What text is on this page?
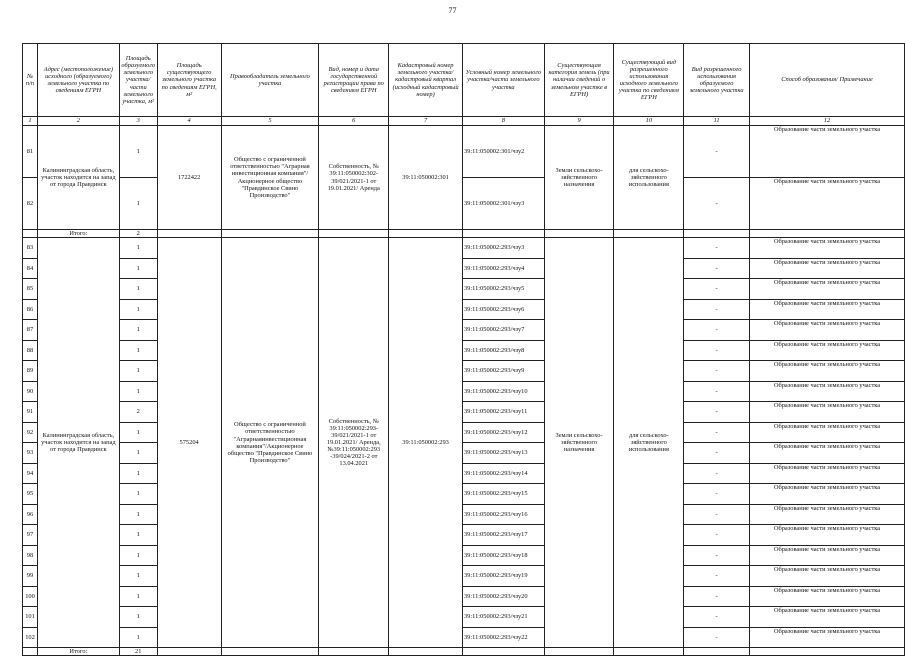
77
№ п/п	Адрес (местоположение) исходного (образуемого) земельного участка по сведениям ЕГРН	Площадь образуемого земельного участка/ части земельного участка, м²	Площадь существующего земельного участка по сведениям ЕГРН, м²	Правообладатель земельного участка	Вид, номер и дата государственной регистрации права по сведениям ЕГРН	Кадастровый номер земельного участка/ кадастровый квартал (исходный кадастровый номер)	Условный номер земельного участка/части земельного участка	Существующая категория земель (при наличии сведений о земельном участке в ЕГРН)	Существующий вид разрешенного использования исходного земельного участка по сведениям ЕГРН	Вид разрешенного использования образуемого земельного участка	Способ образования/ Примечание
1	2	3	4	5	6	7	8	9	10	11	12
81	Калининградская область, участок находится на запад от города Правдинск	1	1722422	Общество с ограниченной ответственностью "Аграрная инвестиционная компания"/ Акционерное общество "Правдинское Свино Производство"	Собственность, № 39:11:050002:302-39/021/2021-1 от 19.01.2021/ Аренда	39:11:050002:301	39:11:050002:301/чзу2	Земли сельскохо-зяйственного назначения	для сельскохо-зяйственного использования	-	Образование части земельного участка
82		1					39:11:050002:301/чзу3			-	Образование части земельного участка
	Итого:	2									
83	Калининградская область, участок находится на запад от города Правдинск	1	575204	Общество с ограниченной ответственностью "Аграрнаяинвестиционная компания"/Акционерное общество "Правдинское Свино Производство"	Собственность, № 39:11:050002:293-39/021/2021-1 от 19.01.2021/ Аренда, №39:11:050002:293 -39/024/2021-2 от 13.04.2021	39:11:050002:293	39:11:050002:293/чзу3	Земли сельскохо-зяйственного назначения	для сельскохо-зяйственного использования	-	Образование части земельного участка
84		1					39:11:050002:293/чзу4			-	Образование части земельного участка
85		1					39:11:050002:293/чзу5			-	Образование части земельного участка
86		1					39:11:050002:293/чзу6			-	Образование части земельного участка
87		1					39:11:050002:293/чзу7			-	Образование части земельного участка
88		1					39:11:050002:293/чзу8			-	Образование части земельного участка
89		1					39:11:050002:293/чзу9			-	Образование части земельного участка
90		1					39:11:050002:293/чзу10			-	Образование части земельного участка
91		2					39:11:050002:293/чзу11			-	Образование части земельного участка
92		1					39:11:050002:293/чзу12			-	Образование части земельного участка
93		1					39:11:050002:293/чзу13			-	Образование части земельного участка
94		1					39:11:050002:293/чзу14			-	Образование части земельного участка
95		1					39:11:050002:293/чзу15			-	Образование части земельного участка
96		1					39:11:050002:293/чзу16			-	Образование части земельного участка
97		1					39:11:050002:293/чзу17			-	Образование части земельного участка
98		1					39:11:050002:293/чзу18			-	Образование части земельного участка
99		1					39:11:050002:293/чзу19			-	Образование части земельного участка
100		1					39:11:050002:293/чзу20			-	Образование части земельного участка
101		1					39:11:050002:293/чзу21			-	Образование части земельного участка
102		1					39:11:050002:293/чзу22			-	Образование части земельного участка
	Итого:	21									
